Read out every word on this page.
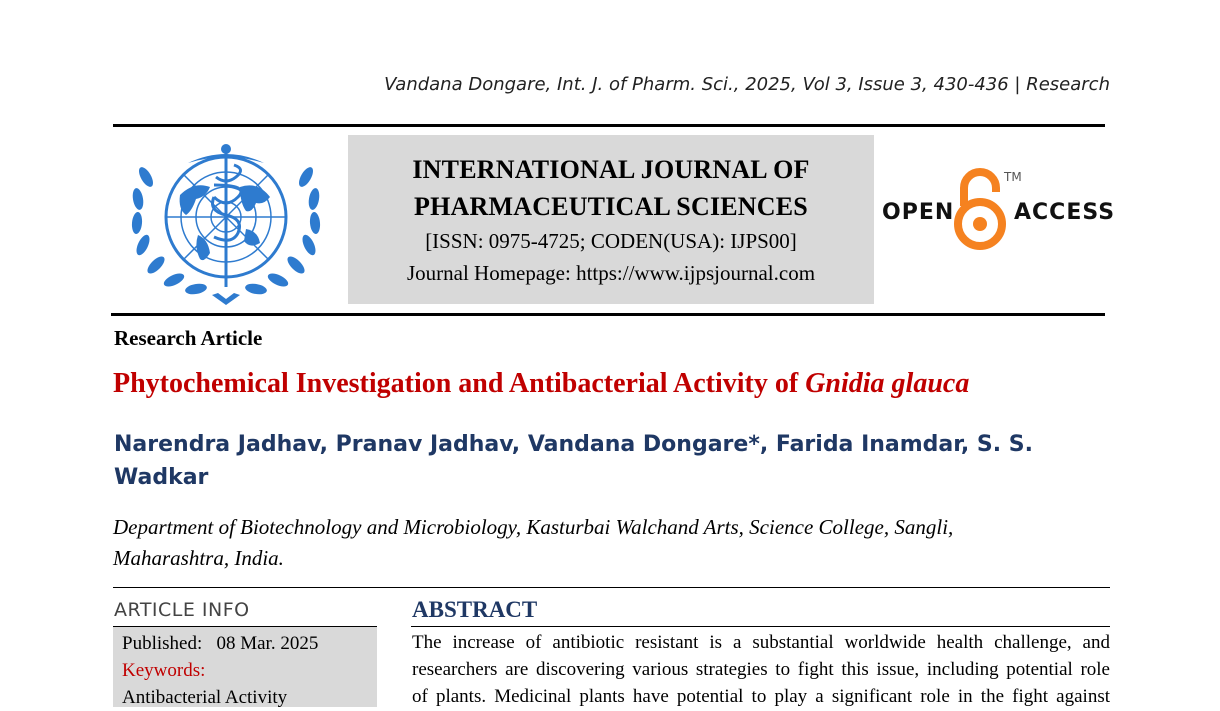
Vandana Dongare, Int. J. of Pharm. Sci., 2025, Vol 3, Issue 3, 430-436 | Research
INTERNATIONAL JOURNAL OF
PHARMACEUTICAL SCIENCES
[ISSN: 0975-4725; CODEN(USA): IJPS00]
Journal Homepage: https://www.ijpsjournal.com
OPEN
TM
ACCESS
Research Article
Phytochemical Investigation and Antibacterial Activity of Gnidia glauca
Narendra Jadhav, Pranav Jadhav, Vandana Dongare*, Farida Inamdar, S. S.
Wadkar
Department of Biotechnology and Microbiology, Kasturbai Walchand Arts, Science College, Sangli,
Maharashtra, India.
ARTICLE INFO
Published: 08 Mar. 2025
Keywords:
Antibacterial Activity
ABSTRACT
The increase of antibiotic resistant is a substantial worldwide health challenge, and
researchers are discovering various strategies to fight this issue, including potential role
of plants. Medicinal plants have potential to play a significant role in the fight against
